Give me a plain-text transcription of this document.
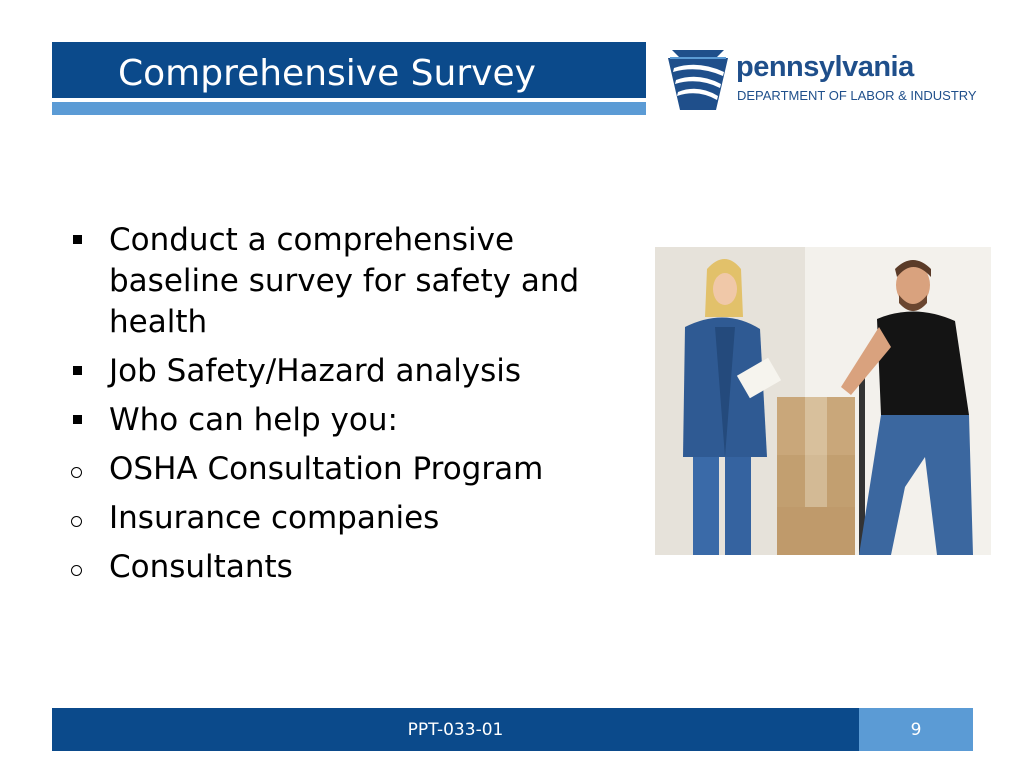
Comprehensive Survey	pennsylvania
DEPARTMENT OF LABOR & INDUSTRY
Conduct a comprehensive baseline survey for safety and health
Job Safety/Hazard analysis
Who can help you:
OSHA Consultation Program
Insurance companies
Consultants
PPT-033-01	9
